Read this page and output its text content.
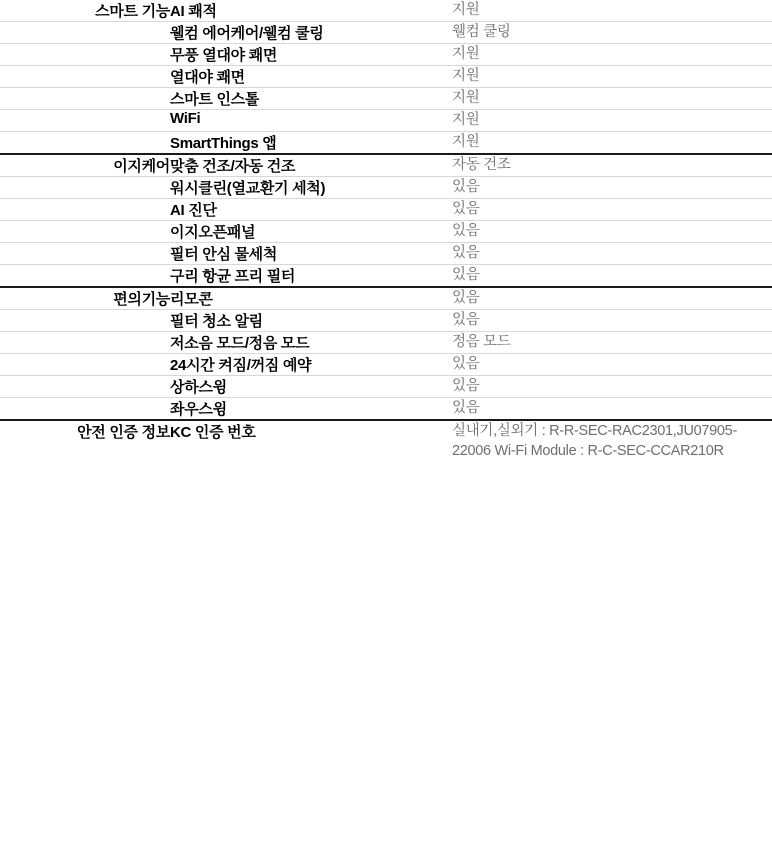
스마트 기능	AI 쾌적	지원
	웰컴 에어케어/웰컴 쿨링	웰컴 쿨링
	무풍 열대야 쾌면	지원
	열대야 쾌면	지원
	스마트 인스톨	지원
	WiFi	지원
	SmartThings 앱	지원
이지케어	맞춤 건조/자동 건조	자동 건조
	워시클린(열교환기 세척)	있음
	AI 진단	있음
	이지오픈패널	있음
	필터 안심 물세척	있음
	구리 항균 프리 필터	있음
편의기능	리모콘	있음
	필터 청소 알림	있음
	저소음 모드/정음 모드	정음 모드
	24시간 켜짐/꺼짐 예약	있음
	상하스윙	있음
	좌우스윙	있음
안전 인증 정보	KC 인증 번호	실내기,실외기 : R-R-SEC-RAC2301,JU07905-22006 Wi-Fi Module : R-C-SEC-CCAR210R
